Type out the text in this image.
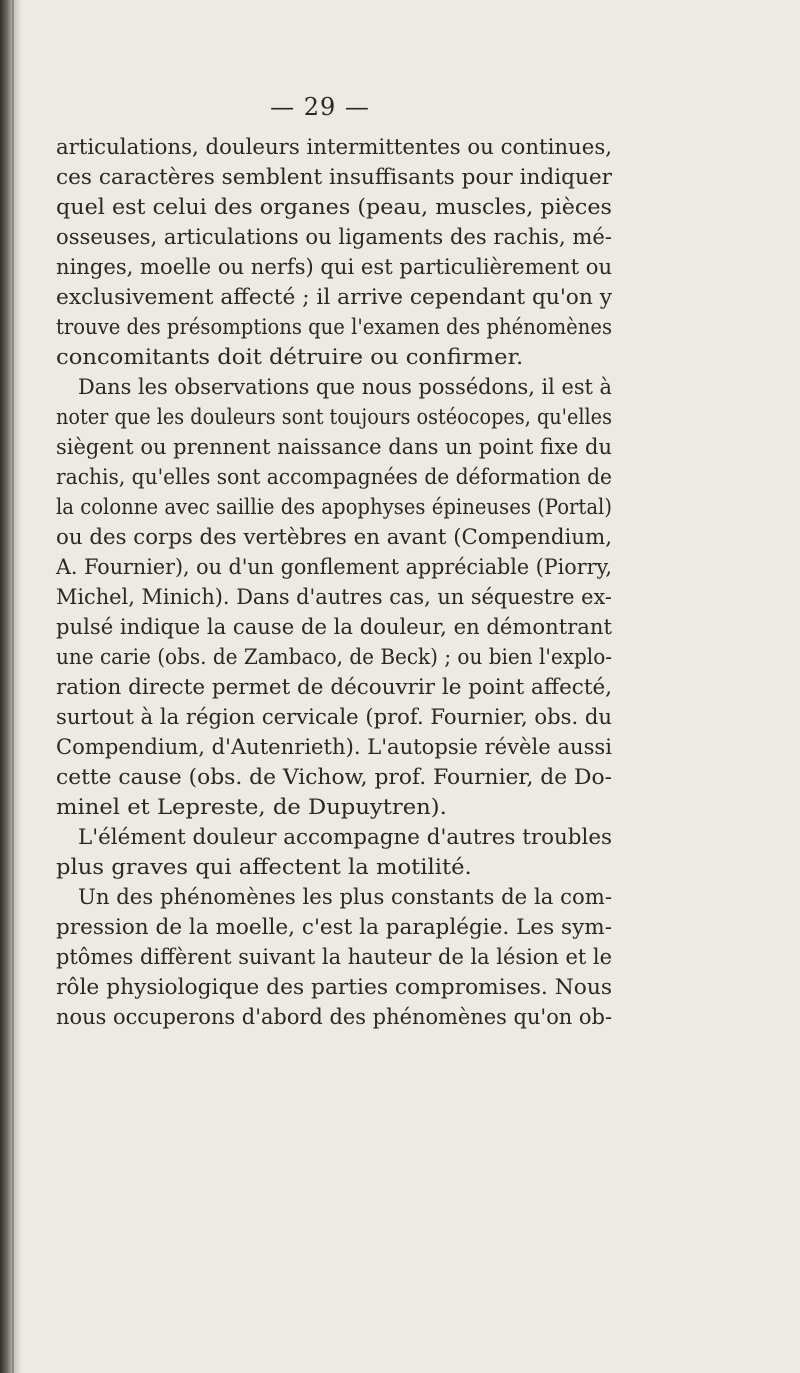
— 29 —
articulations, douleurs intermittentes ou continues,
ces caractères semblent insuffisants pour indiquer
quel est celui des organes (peau, muscles, pièces
osseuses, articulations ou ligaments des rachis, mé-
ninges, moelle ou nerfs) qui est particulièrement ou
exclusivement affecté ; il arrive cependant qu'on y
trouve des présomptions que l'examen des phénomènes
concomitants doit détruire ou confirmer.
Dans les observations que nous possédons, il est à
noter que les douleurs sont toujours ostéocopes, qu'elles
siègent ou prennent naissance dans un point fixe du
rachis, qu'elles sont accompagnées de déformation de
la colonne avec saillie des apophyses épineuses (Portal)
ou des corps des vertèbres en avant (Compendium,
A. Fournier), ou d'un gonflement appréciable (Piorry,
Michel, Minich). Dans d'autres cas, un séquestre ex-
pulsé indique la cause de la douleur, en démontrant
une carie (obs. de Zambaco, de Beck) ; ou bien l'explo-
ration directe permet de découvrir le point affecté,
surtout à la région cervicale (prof. Fournier, obs. du
Compendium, d'Autenrieth). L'autopsie révèle aussi
cette cause (obs. de Vichow, prof. Fournier, de Do-
minel et Lepreste, de Dupuytren).
L'élément douleur accompagne d'autres troubles
plus graves qui affectent la motilité.
Un des phénomènes les plus constants de la com-
pression de la moelle, c'est la paraplégie. Les sym-
ptômes diffèrent suivant la hauteur de la lésion et le
rôle physiologique des parties compromises. Nous
nous occuperons d'abord des phénomènes qu'on ob-
